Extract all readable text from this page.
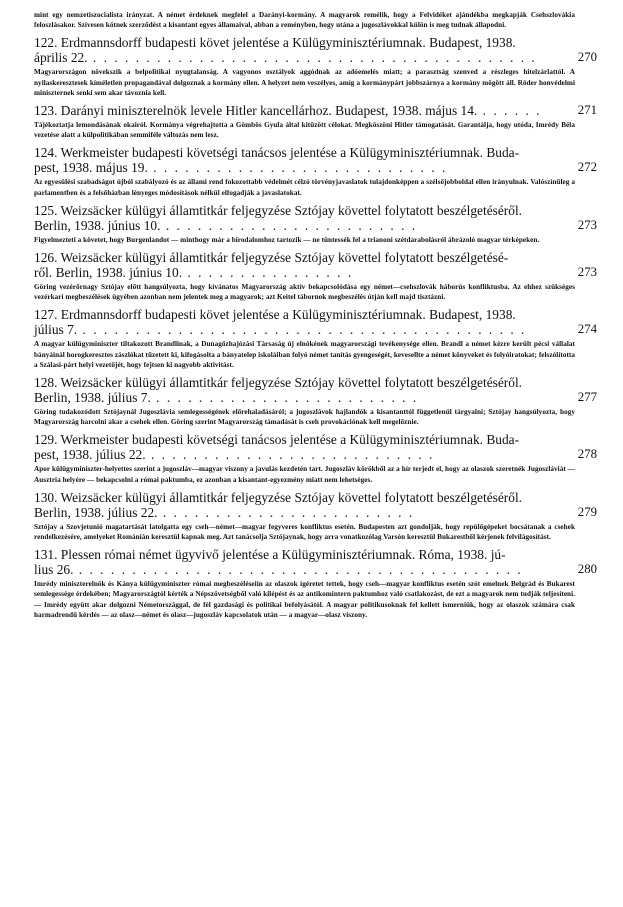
mint egy nemzetiszocialista irányzat. A német érdeknek megfelel a Darányi-kormány. A magyarok remélik, hogy a Felvidéket ajándékba megkapják Csehszlovákia feloszlásakor. Szívesen kötnek szerződést a kisantant egyes államaival, abban a reményben, hogy utána a jugoszlávokkal külön is meg tudnak állapodni.

122. Erdmannsdorff budapesti követ jelentése a Külügyminisztériumnak. Budapest, 1938.
április 22. . . . . . . . . . . . . . . . . . . . . . . . . . . . . . . . . . . . . . . . . . .	270

Magyarországon növekszik a belpolitikai nyugtalanság. A vagyonos osztályok aggódnak az adóemelés miatt; a parasztság szenved a részleges hitelzárlattól. A nyilaskeresztesek kíméletlen propagandával dolgoznak a kormány ellen. A helyzet nem veszélyes, amíg a kormánypárt jobbszárnya a kormány mögött áll. Röder honvédelmi miniszternek senki sem akar távoznia kell.

123. Darányi miniszterelnök levele Hitler kancellárhoz. Budapest, 1938. május 14. . . . . . .	271

Tájékoztatja lemondásának okairól. Kormánya végrehajtotta a Gömbös Gyula által kitűzött célokat. Megköszöni Hitler támogatását. Garantálja, hogy utóda, Imrédy Béla vezetése alatt a külpolitikában semmiféle változás nem lesz.

124. Werkmeister budapesti követségi tanácsos jelentése a Külügyminisztériumnak. Buda-
pest, 1938. május 19. . . . . . . . . . . . . . . . . . . . . . . . . . . . .	272

Az egyesülési szabadságot újból szabályozó és az állami rend fokozottabb védelmét célzó törvényjavaslatok tulajdonképpen a szélsőjobboldal ellen irányulnak. Valószínűleg a parlamentben és a felsőházban lényeges módosítások nélkül elfogadják a javaslatokat.

125. Weizsäcker külügyi államtitkár feljegyzése Sztójay követtel folytatott beszélgetéséről.
Berlin, 1938. június 10. . . . . . . . . . . . . . . . . . . . . . . . .	273

Figyelmezteti a követet, hogy Burgenlandot — minthogy már a birodalomhoz tartozik — ne tüntessék fel a trianoni szétdarabolásról ábrázoló magyar térképeken.

126. Weizsäcker külügyi államtitkár feljegyzése Sztójay követtel folytatott beszélgetésé-
ről. Berlin, 1938. június 10. . . . . . . . . . . . . . . . .	273

Göring vezérőrnagy Sztójay előtt hangsúlyozta, hogy kívánatos Magyarország aktív bekapcsolódása egy német—csehszlovák háborús konfliktusba. Az ehhez szükséges vezérkari megbeszélések ügyében azonban nem jelentek meg a magyarok; azt Keitel tábornok megbeszélés útján kell majd tisztázni.

127. Erdmannsdorff budapesti követ jelentése a Külügyminisztériumnak. Budapest, 1938.
július 7. . . . . . . . . . . . . . . . . . . . . . . . . . . . . . . . . . . . . . . . . . .	274

A magyar külügyminiszter tiltakozott Brandlinak, a Dunagőzhajózási Társaság új elnökének magyarországi tevékenysége ellen. Brandl a német kézre került pécsi vállalat bányáinál horogkeresztes zászlókat tűzetett ki, kifogásolta a bányatelep iskoláiban folyó német tanítás gyengeségét, kevesellte a német könyveket és folyóiratokat; felszólította a Szálasi-párt helyi vezetőjét, hogy fejtsen ki nagyobb aktivitást.

128. Weizsäcker külügyi államtitkár feljegyzése Sztójay követtel folytatott beszélgetéséről.
Berlin, 1938. július 7. . . . . . . . . . . . . . . . . . . . . . . . . .	277

Göring tudakozódott Sztójaynál Jugoszlávia semlegességének előrehaladásáról; a jugoszlávok hajlandók a kisantanttól függetlenül tárgyalni; Sztójay hangsúlyozta, hogy Magyarország harcolni akar a csehek ellen. Göring szerint Magyarország támadását is cseh provokációnak kell megelőznie.

129. Werkmeister budapesti követségi tanácsos jelentése a Külügyminisztériumnak. Buda-
pest, 1938. július 22. . . . . . . . . . . . . . . . . . . . . . . . . . . .	278

Apor külügyminiszter-helyettes szerint a jugoszláv—magyar viszony a javulás kezdetén tart. Jugoszláv körökből az a hír terjedt el, hogy az olaszok szeretnék Jugoszláviát — Ausztria helyére — bekapcsolni a római paktumba, ez azonban a kisantant-egyezmény miatt nem lehetséges.

130. Weizsäcker külügyi államtitkár feljegyzése Sztójay követtel folytatott beszélgetéséről.
Berlin, 1938. július 22. . . . . . . . . . . . . . . . . . . . . . . . .	279

Sztójay a Szovjetunió magatartását latolgatta egy cseh—német—magyar fegyveres konfliktus esetén. Budapesten azt gondolják, hogy repülőgépeket bocsátanak a csehek rendelkezésére, amelyeket Románián keresztül kapnak meg. Azt tanácsolja Sztójaynak, hogy arra vonatkozólag Varsón keresztül Bukarestből kérjenek felvilágosítást.

131. Plessen római német ügyvivő jelentése a Külügyminisztériumnak. Róma, 1938. jú-
lius 26. . . . . . . . . . . . . . . . . . . . . . . . . . . . . . . . . . . . . . . . . . .	280

Imrédy miniszterelnök és Kánya külügyminiszter római megbeszéléseiin az olaszok ígéretet tettek, hogy cseh—magyar konfliktus esetén szót emelnek Belgrád és Bukarest semlegessége érdekében; Magyarországtól kérték a Népszövetségből való kilépést és az antikomintern paktumhoz való csatlakozást, de ezt a magyarok nem tudják teljesíteni. — Imrédy együtt akar dolgozni Németországgal, de fél gazdasági és politikai befolyásától. A magyar politikusoknak fel kellett ismerniük, hogy az olaszok számára csak harmadrendű kérdés — az olasz—német és olasz—jugoszláv kapcsolatok után — a magyar—olasz viszony.
